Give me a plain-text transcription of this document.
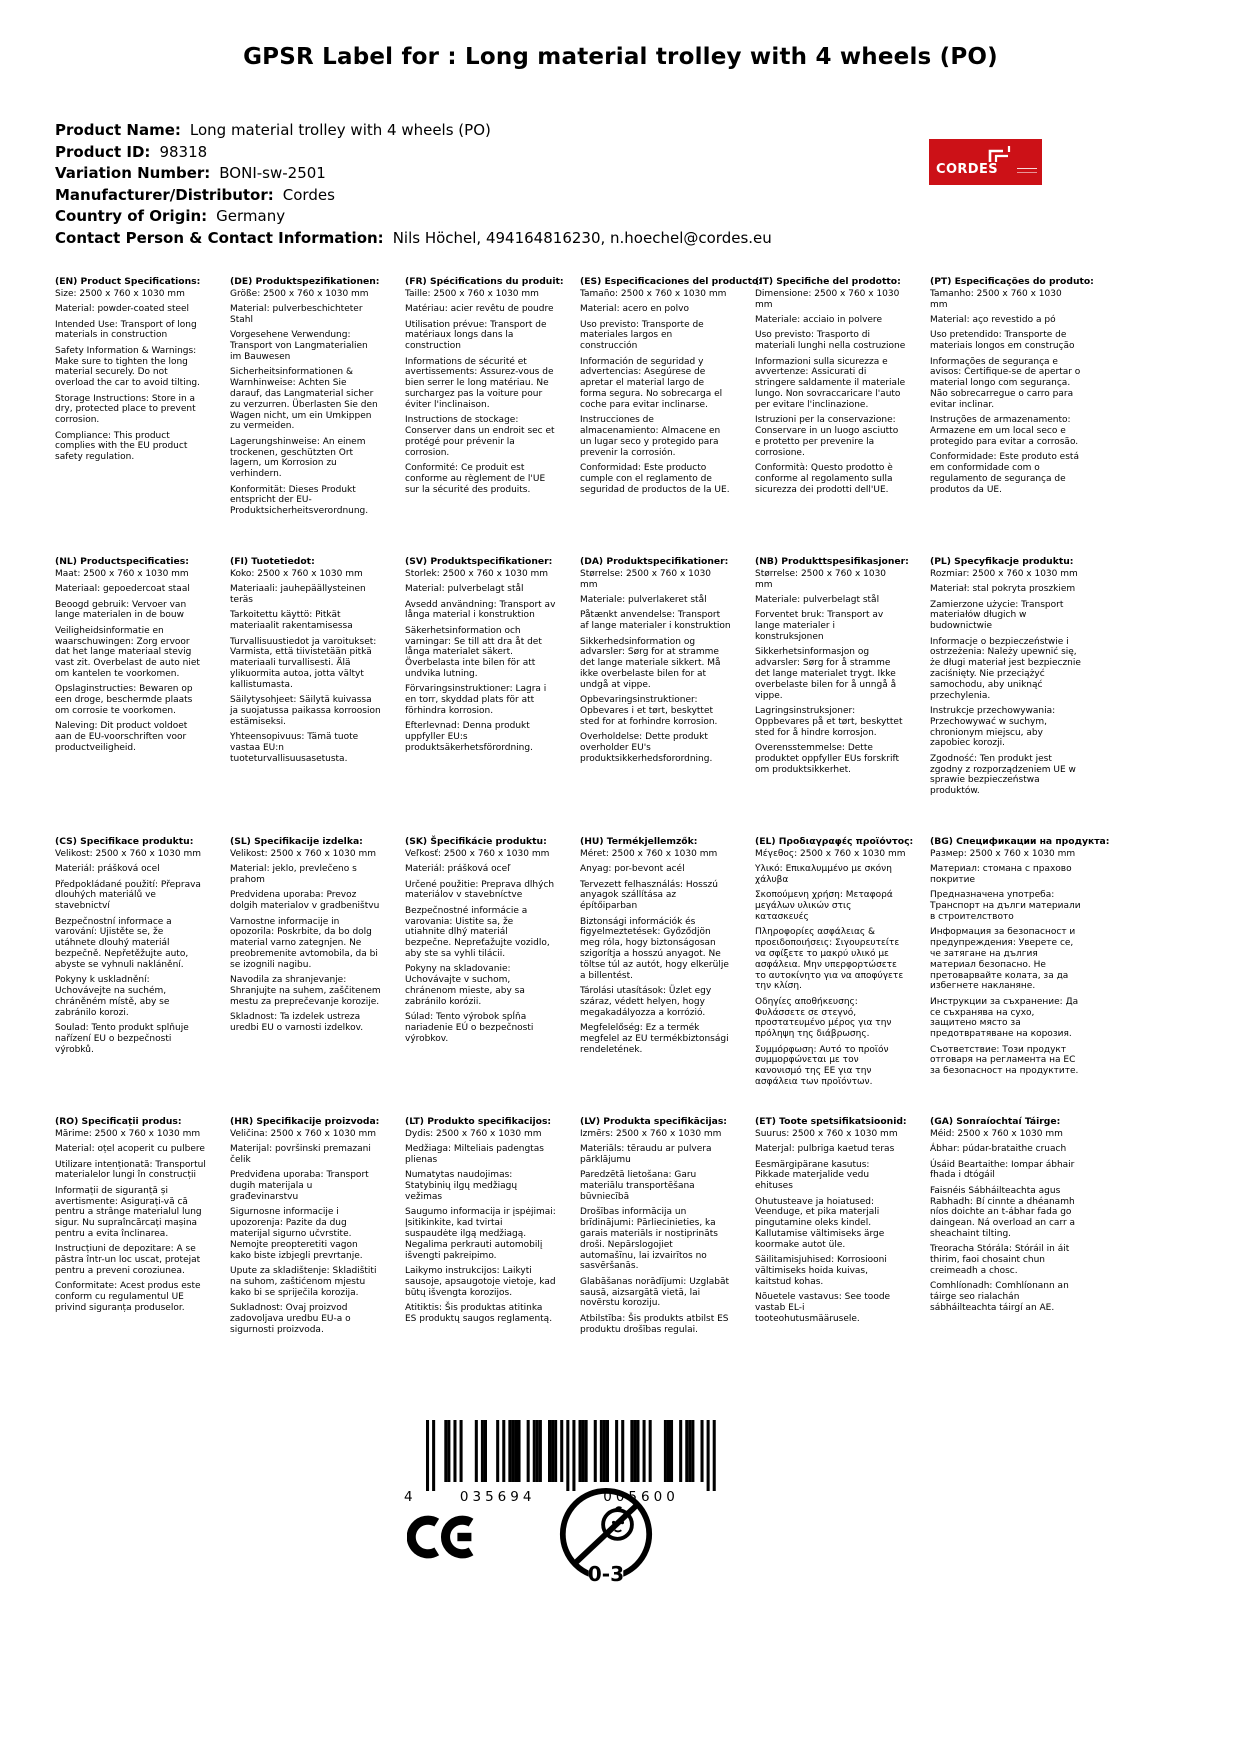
GPSR Label for : Long material trolley with 4 wheels (PO)
Product Name: Long material trolley with 4 wheels (PO)
Product ID: 98318
Variation Number: BONI-sw-2501
Manufacturer/Distributor: Cordes
Country of Origin: Germany
Contact Person & Contact Information: Nils Höchel, 494164816230, n.hoechel@cordes.eu
CORDES
(EN) Product Specifications:

Size: 2500 x 760 x 1030 mm

Material: powder-coated steel

Intended Use: Transport of long materials in construction

Safety Information & Warnings: Make sure to tighten the long material securely. Do not overload the car to avoid tilting.

Storage Instructions: Store in a dry, protected place to prevent corrosion.

Compliance: This product complies with the EU product safety regulation.

(DE) Produktspezifikationen:

Größe: 2500 x 760 x 1030 mm

Material: pulverbeschichteter Stahl

Vorgesehene Verwendung: Transport von Langmaterialien im Bauwesen

Sicherheitsinformationen & Warnhinweise: Achten Sie darauf, das Langmaterial sicher zu verzurren. Überlasten Sie den Wagen nicht, um ein Umkippen zu vermeiden.

Lagerungshinweise: An einem trockenen, geschützten Ort lagern, um Korrosion zu verhindern.

Konformität: Dieses Produkt entspricht der EU-Produktsicherheitsverordnung.

(FR) Spécifications du produit:

Taille: 2500 x 760 x 1030 mm

Matériau: acier revêtu de poudre

Utilisation prévue: Transport de matériaux longs dans la construction

Informations de sécurité et avertissements: Assurez-vous de bien serrer le long matériau. Ne surchargez pas la voiture pour éviter l'inclinaison.

Instructions de stockage: Conserver dans un endroit sec et protégé pour prévenir la corrosion.

Conformité: Ce produit est conforme au règlement de l'UE sur la sécurité des produits.

(ES) Especificaciones del producto:

Tamaño: 2500 x 760 x 1030 mm

Material: acero en polvo

Uso previsto: Transporte de materiales largos en construcción

Información de seguridad y advertencias: Asegúrese de apretar el material largo de forma segura. No sobrecarga el coche para evitar inclinarse.

Instrucciones de almacenamiento: Almacene en un lugar seco y protegido para prevenir la corrosión.

Conformidad: Este producto cumple con el reglamento de seguridad de productos de la UE.

(IT) Specifiche del prodotto:

Dimensione: 2500 x 760 x 1030 mm

Materiale: acciaio in polvere

Uso previsto: Trasporto di materiali lunghi nella costruzione

Informazioni sulla sicurezza e avvertenze: Assicurati di stringere saldamente il materiale lungo. Non sovraccaricare l'auto per evitare l'inclinazione.

Istruzioni per la conservazione: Conservare in un luogo asciutto e protetto per prevenire la corrosione.

Conformità: Questo prodotto è conforme al regolamento sulla sicurezza dei prodotti dell'UE.

(PT) Especificações do produto:

Tamanho: 2500 x 760 x 1030 mm

Material: aço revestido a pó

Uso pretendido: Transporte de materiais longos em construção

Informações de segurança e avisos: Certifique-se de apertar o material longo com segurança. Não sobrecarregue o carro para evitar inclinar.

Instruções de armazenamento: Armazene em um local seco e protegido para evitar a corrosão.

Conformidade: Este produto está em conformidade com o regulamento de segurança de produtos da UE.

(NL) Productspecificaties:

Maat: 2500 x 760 x 1030 mm

Materiaal: gepoedercoat staal

Beoogd gebruik: Vervoer van lange materialen in de bouw

Veiligheidsinformatie en waarschuwingen: Zorg ervoor dat het lange materiaal stevig vast zit. Overbelast de auto niet om kantelen te voorkomen.

Opslaginstructies: Bewaren op een droge, beschermde plaats om corrosie te voorkomen.

Naleving: Dit product voldoet aan de EU-voorschriften voor productveiligheid.

(FI) Tuotetiedot:

Koko: 2500 x 760 x 1030 mm

Materiaali: jauhepäällysteinen teräs

Tarkoitettu käyttö: Pitkät materiaalit rakentamisessa

Turvallisuustiedot ja varoitukset: Varmista, että tiivistetään pitkä materiaali turvallisesti. Älä ylikuormita autoa, jotta vältyt kallistumasta.

Säilytysohjeet: Säilytä kuivassa ja suojatussa paikassa korroosion estämiseksi.

Yhteensopivuus: Tämä tuote vastaa EU:n tuoteturvallisuusasetusta.

(SV) Produktspecifikationer:

Storlek: 2500 x 760 x 1030 mm

Material: pulverbelagt stål

Avsedd användning: Transport av långa material i konstruktion

Säkerhetsinformation och varningar: Se till att dra åt det långa materialet säkert. Överbelasta inte bilen för att undvika lutning.

Förvaringsinstruktioner: Lagra i en torr, skyddad plats för att förhindra korrosion.

Efterlevnad: Denna produkt uppfyller EU:s produktsäkerhetsförordning.

(DA) Produktspecifikationer:

Størrelse: 2500 x 760 x 1030 mm

Materiale: pulverlakeret stål

Påtænkt anvendelse: Transport af lange materialer i konstruktion

Sikkerhedsinformation og advarsler: Sørg for at stramme det lange materiale sikkert. Må ikke overbelaste bilen for at undgå at vippe.

Opbevaringsinstruktioner: Opbevares i et tørt, beskyttet sted for at forhindre korrosion.

Overholdelse: Dette produkt overholder EU's produktsikkerhedsforordning.

(NB) Produkttspesifikasjoner:

Størrelse: 2500 x 760 x 1030 mm

Materiale: pulverbelagt stål

Forventet bruk: Transport av lange materialer i konstruksjonen

Sikkerhetsinformasjon og advarsler: Sørg for å stramme det lange materialet trygt. Ikke overbelaste bilen for å unngå å vippe.

Lagringsinstruksjoner: Oppbevares på et tørt, beskyttet sted for å hindre korrosjon.

Overensstemmelse: Dette produktet oppfyller EUs forskrift om produktsikkerhet.

(PL) Specyfikacje produktu:

Rozmiar: 2500 x 760 x 1030 mm

Materiał: stal pokryta proszkiem

Zamierzone użycie: Transport materiałów długich w budownictwie

Informacje o bezpieczeństwie i ostrzeżenia: Należy upewnić się, że długi materiał jest bezpiecznie zaciśnięty. Nie przeciążyć samochodu, aby uniknąć przechylenia.

Instrukcje przechowywania: Przechowywać w suchym, chronionym miejscu, aby zapobiec korozji.

Zgodność: Ten produkt jest zgodny z rozporządzeniem UE w sprawie bezpieczeństwa produktów.

(CS) Specifikace produktu:

Velikost: 2500 x 760 x 1030 mm

Materiál: prášková ocel

Předpokládané použití: Přeprava dlouhých materiálů ve stavebnictví

Bezpečnostní informace a varování: Ujistěte se, že utáhnete dlouhý materiál bezpečně. Nepřetěžujte auto, abyste se vyhnuli naklánění.

Pokyny k uskladnění: Uchovávejte na suchém, chráněném místě, aby se zabránilo korozi.

Soulad: Tento produkt splňuje nařízení EU o bezpečnosti výrobků.

(SL) Specifikacije izdelka:

Velikost: 2500 x 760 x 1030 mm

Material: jeklo, prevlečeno s prahom

Predvidena uporaba: Prevoz dolgih materialov v gradbeništvu

Varnostne informacije in opozorila: Poskrbite, da bo dolg material varno zategnjen. Ne preobremenite avtomobila, da bi se izognili nagibu.

Navodila za shranjevanje: Shranjujte na suhem, zaščitenem mestu za preprečevanje korozije.

Skladnost: Ta izdelek ustreza uredbi EU o varnosti izdelkov.

(SK) Špecifikácie produktu:

Veľkosť: 2500 x 760 x 1030 mm

Materiál: prášková oceľ

Určené použitie: Preprava dlhých materiálov v stavebníctve

Bezpečnostné informácie a varovania: Uistite sa, že utiahnite dlhý materiál bezpečne. Nepreťažujte vozidlo, aby ste sa vyhli tilácii.

Pokyny na skladovanie: Uchovávajte v suchom, chránenom mieste, aby sa zabránilo korózii.

Súlad: Tento výrobok spĺňa nariadenie EÚ o bezpečnosti výrobkov.

(HU) Termékjellemzők:

Méret: 2500 x 760 x 1030 mm

Anyag: por-bevont acél

Tervezett felhasználás: Hosszú anyagok szállítása az építőiparban

Biztonsági információk és figyelmeztetések: Győződjön meg róla, hogy biztonságosan szigorítja a hosszú anyagot. Ne töltse túl az autót, hogy elkerülje a billentést.

Tárolási utasítások: Üzlet egy száraz, védett helyen, hogy megakadályozza a korrózió.

Megfelelőség: Ez a termék megfelel az EU termékbiztonsági rendeletének.

(EL) Προδιαγραφές προϊόντος:

Μέγεθος: 2500 x 760 x 1030 mm

Υλικό: Επικαλυμμένο με σκόνη χάλυβα

Σκοπούμενη χρήση: Μεταφορά μεγάλων υλικών στις κατασκευές

Πληροφορίες ασφάλειας & προειδοποιήσεις: Σιγουρευτείτε να σφίξετε το μακρύ υλικό με ασφάλεια. Μην υπερφορτώσετε το αυτοκίνητο για να αποφύγετε την κλίση.

Οδηγίες αποθήκευσης: Φυλάσσετε σε στεγνό, προστατευμένο μέρος για την πρόληψη της διάβρωσης.

Συμμόρφωση: Αυτό το προϊόν συμμορφώνεται με τον κανονισμό της ΕΕ για την ασφάλεια των προϊόντων.

(BG) Спецификации на продукта:

Размер: 2500 x 760 x 1030 mm

Материал: стомана с прахово покритие

Предназначена употреба: Транспорт на дълги материали в строителството

Информация за безопасност и предупреждения: Уверете се, че затягане на дългия материал безопасно. Не претоварвайте колата, за да избегнете накланяне.

Инструкции за съхранение: Да се съхранява на сухо, защитено място за предотвратяване на корозия.

Съответствие: Този продукт отговаря на регламента на ЕС за безопасност на продуктите.

(RO) Specificații produs:

Mărime: 2500 x 760 x 1030 mm

Material: oțel acoperit cu pulbere

Utilizare intenționată: Transportul materialelor lungi în construcții

Informații de siguranță și avertismente: Asigurați-vă că pentru a strânge materialul lung sigur. Nu supraîncărcați mașina pentru a evita înclinarea.

Instrucțiuni de depozitare: A se păstra într-un loc uscat, protejat pentru a preveni coroziunea.

Conformitate: Acest produs este conform cu regulamentul UE privind siguranța produselor.

(HR) Specifikacije proizvoda:

Veličina: 2500 x 760 x 1030 mm

Materijal: površinski premazani čelik

Predviđena uporaba: Transport dugih materijala u građevinarstvu

Sigurnosne informacije i upozorenja: Pazite da dug materijal sigurno učvrstite. Nemojte preopteretiti vagon kako biste izbjegli prevrtanje.

Upute za skladištenje: Skladištiti na suhom, zaštićenom mjestu kako bi se spriječila korozija.

Sukladnost: Ovaj proizvod zadovoljava uredbu EU-a o sigurnosti proizvoda.

(LT) Produkto specifikacijos:

Dydis: 2500 x 760 x 1030 mm

Medžiaga: Milteliais padengtas plienas

Numatytas naudojimas: Statybinių ilgų medžiagų vežimas

Saugumo informacija ir įspėjimai: Įsitikinkite, kad tvirtai suspaudėte ilgą medžiagą. Negalima perkrauti automobilį išvengti pakreipimo.

Laikymo instrukcijos: Laikyti sausoje, apsaugotoje vietoje, kad būtų išvengta korozijos.

Atitiktis: Šis produktas atitinka ES produktų saugos reglamentą.

(LV) Produkta specifikācijas:

Izmērs: 2500 x 760 x 1030 mm

Materiāls: tēraudu ar pulvera pārklājumu

Paredzētā lietošana: Garu materiālu transportēšana būvniecībā

Drošības informācija un brīdinājumi: Pārliecinieties, ka garais materiāls ir nostiprināts droši. Nepārslogojiet automašīnu, lai izvairītos no sasvēršanās.

Glabāšanas norādījumi: Uzglabāt sausā, aizsargātā vietā, lai novērstu koroziju.

Atbilstība: Šis produkts atbilst ES produktu drošības regulai.

(ET) Toote spetsifikatsioonid:

Suurus: 2500 x 760 x 1030 mm

Materjal: pulbriga kaetud teras

Eesmärgipärane kasutus: Pikkade materjalide vedu ehituses

Ohutusteave ja hoiatused: Veenduge, et pika materjali pingutamine oleks kindel. Kallutamise vältimiseks ärge koormake autot üle.

Säilitamisjuhised: Korrosiooni vältimiseks hoida kuivas, kaitstud kohas.

Nõuetele vastavus: See toode vastab EL-i tooteohutusmäärusele.

(GA) Sonraíochtaí Táirge:

Méid: 2500 x 760 x 1030 mm

Ábhar: púdar-brataithe cruach

Úsáid Beartaithe: Iompar ábhair fhada i dtógáil

Faisnéis Sábháilteachta agus Rabhadh: Bí cinnte a dhéanamh níos doichte an t-ábhar fada go daingean. Ná overload an carr a sheachaint tilting.

Treoracha Stórála: Stóráil in áit thirim, faoi chosaint chun creimeadh a chosc.

Comhlíonadh: Comhlíonann an táirge seo rialachán sábháilteachta táirgí an AE.

4	035694	005600
0-3
